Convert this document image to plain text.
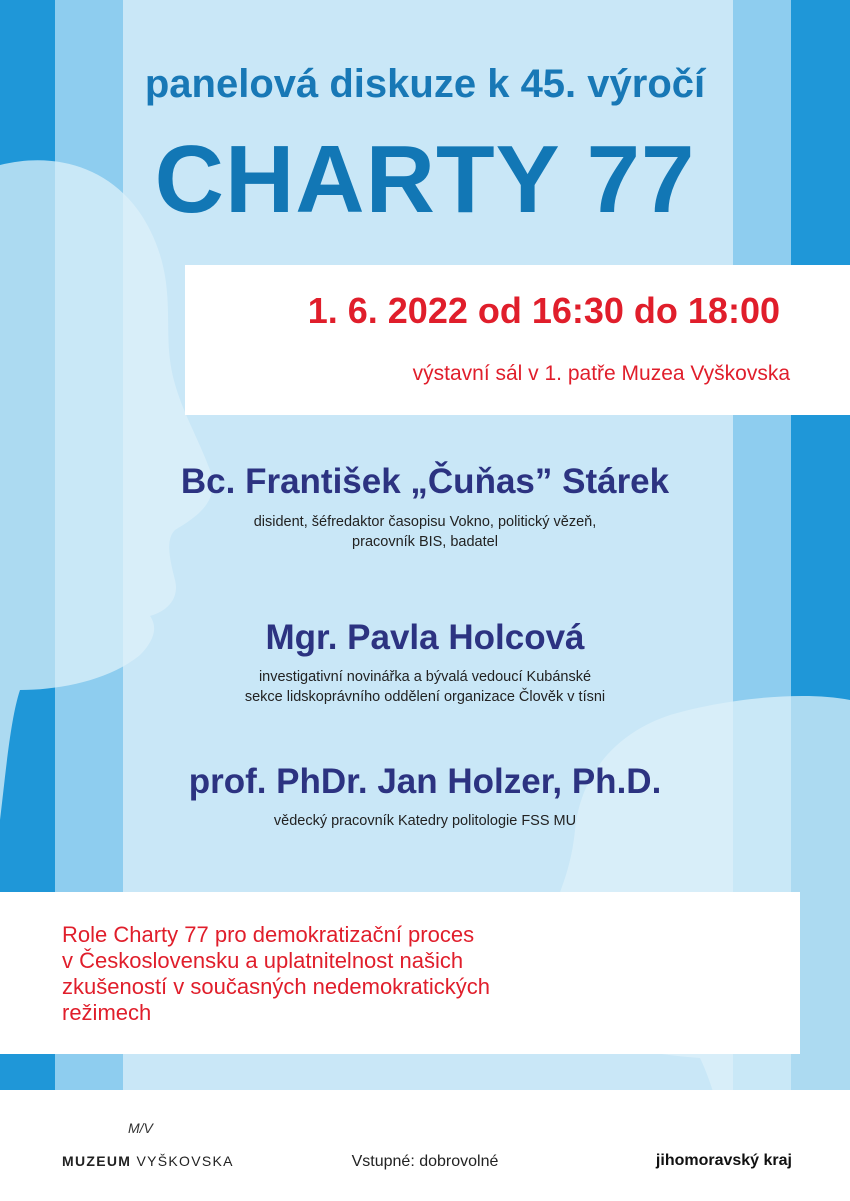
panelová diskuze k 45. výročí
CHARTY 77
1. 6. 2022 od 16:30 do 18:00
výstavní sál v 1. patře Muzea Vyškovska
Bc. František „Čuňas” Stárek
disident, šéfredaktor časopisu Vokno, politický vězeň,
pracovník BIS, badatel
Mgr. Pavla Holcová
investigativní novinářka a bývalá vedoucí Kubánské
sekce lidskoprávního oddělení organizace Člověk v tísni
prof. PhDr. Jan Holzer, Ph.D.
vědecký pracovník Katedry politologie FSS MU
Role Charty 77 pro demokratizační proces
v Československu a uplatnitelnost našich
zkušeností v současných nedemokratických
režimech
M/V
MUZEUM VYŠKOVSKA	Vstupné: dobrovolné	jihomoravský kraj
